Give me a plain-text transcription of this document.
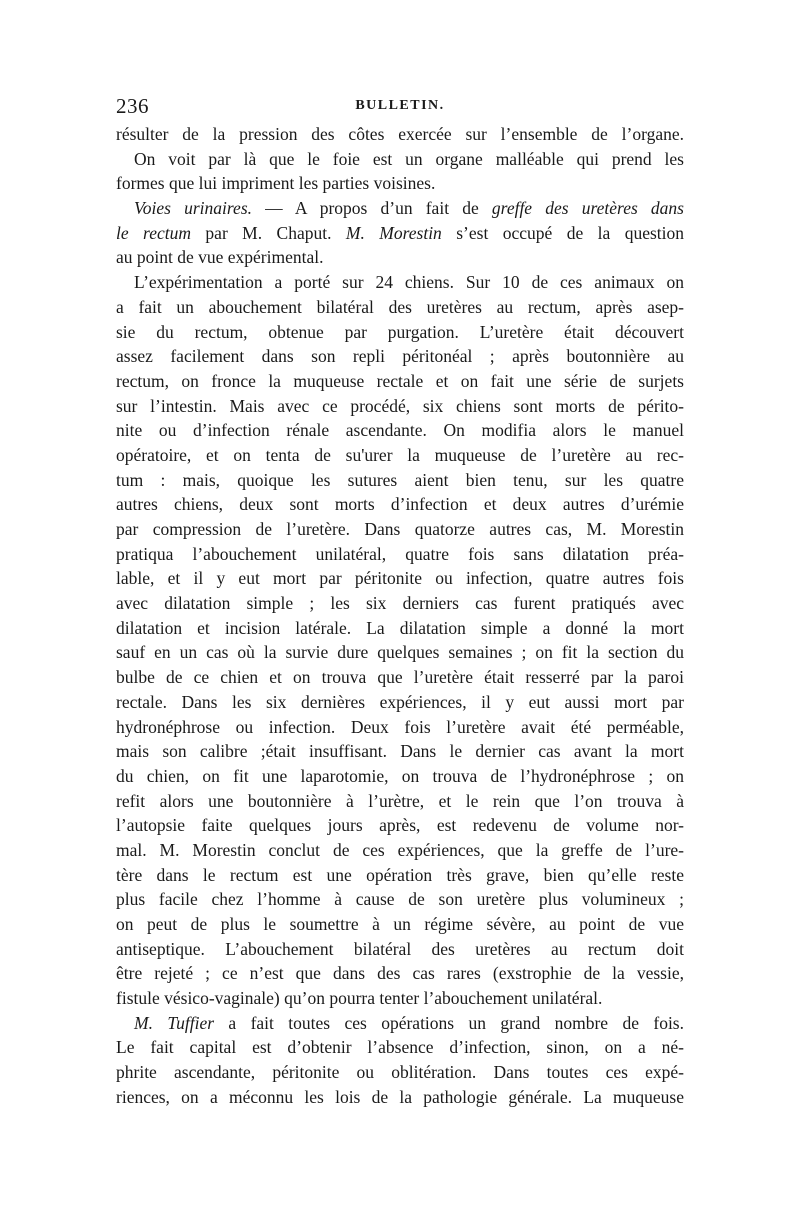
236	BULLETIN.
résulter de la pression des côtes exercée sur l’ensemble de l’organe.
On voit par là que le foie est un organe malléable qui prend les
formes que lui impriment les parties voisines.
Voies urinaires. — A propos d’un fait de greffe des uretères dans
le rectum par M. Chaput. M. Morestin s’est occupé de la question
au point de vue expérimental.
L’expérimentation a porté sur 24 chiens. Sur 10 de ces animaux on
a fait un abouchement bilatéral des uretères au rectum, après asep-
sie du rectum, obtenue par purgation. L’uretère était découvert
assez facilement dans son repli péritonéal ; après boutonnière au
rectum, on fronce la muqueuse rectale et on fait une série de surjets
sur l’intestin. Mais avec ce procédé, six chiens sont morts de périto-
nite ou d’infection rénale ascendante. On modifia alors le manuel
opératoire, et on tenta de su'urer la muqueuse de l’uretère au rec-
tum : mais, quoique les sutures aient bien tenu, sur les quatre
autres chiens, deux sont morts d’infection et deux autres d’urémie
par compression de l’uretère. Dans quatorze autres cas, M. Morestin
pratiqua l’abouchement unilatéral, quatre fois sans dilatation préa-
lable, et il y eut mort par péritonite ou infection, quatre autres fois
avec dilatation simple ; les six derniers cas furent pratiqués avec
dilatation et incision latérale. La dilatation simple a donné la mort
sauf en un cas où la survie dure quelques semaines ; on fit la section du
bulbe de ce chien et on trouva que l’uretère était resserré par la paroi
rectale. Dans les six dernières expériences, il y eut aussi mort par
hydronéphrose ou infection. Deux fois l’uretère avait été perméable,
mais son calibre ;était insuffisant. Dans le dernier cas avant la mort
du chien, on fit une laparotomie, on trouva de l’hydronéphrose ; on
refit alors une boutonnière à l’urètre, et le rein que l’on trouva à
l’autopsie faite quelques jours après, est redevenu de volume nor-
mal. M. Morestin conclut de ces expériences, que la greffe de l’ure-
tère dans le rectum est une opération très grave, bien qu’elle reste
plus facile chez l’homme à cause de son uretère plus volumineux ;
on peut de plus le soumettre à un régime sévère, au point de vue
antiseptique. L’abouchement bilatéral des uretères au rectum doit
être rejeté ; ce n’est que dans des cas rares (exstrophie de la vessie,
fistule vésico-vaginale) qu’on pourra tenter l’abouchement unilatéral.
M. Tuffier a fait toutes ces opérations un grand nombre de fois.
Le fait capital est d’obtenir l’absence d’infection, sinon, on a né-
phrite ascendante, péritonite ou oblitération. Dans toutes ces expé-
riences, on a méconnu les lois de la pathologie générale. La muqueuse
